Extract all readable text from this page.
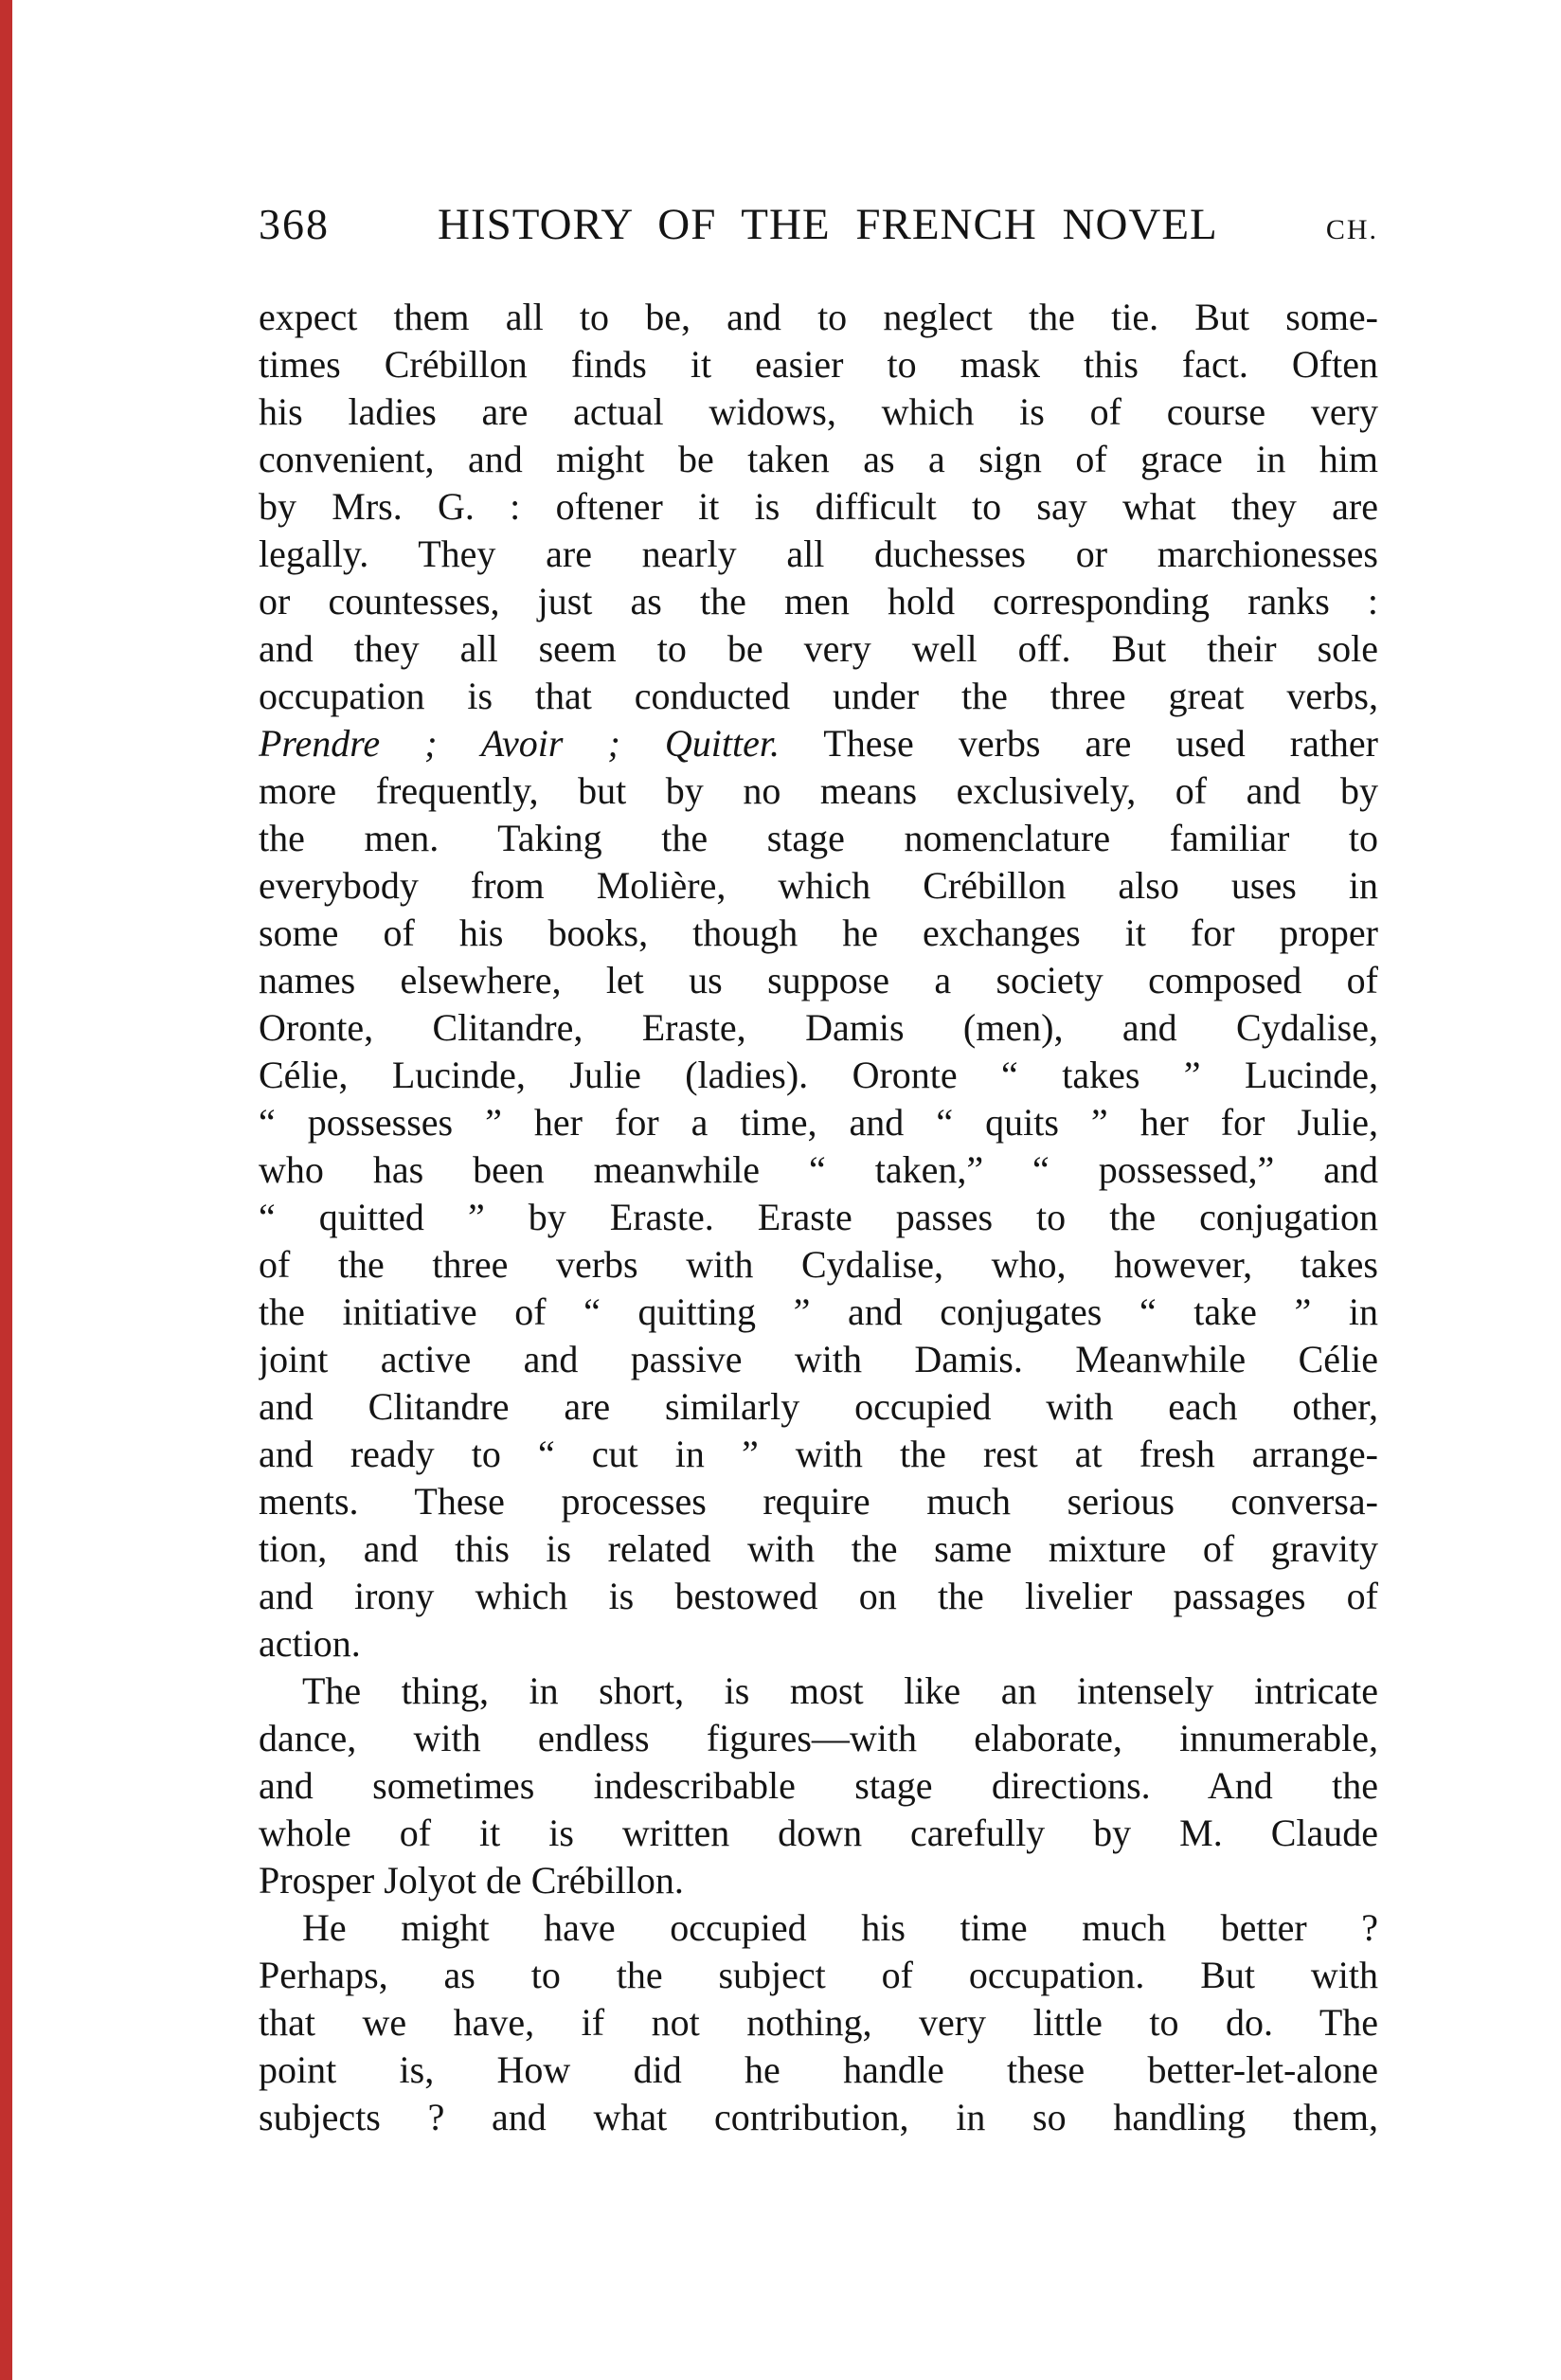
368	HISTORY OF THE FRENCH NOVEL	CH.
expect them all to be, and to neglect the tie. But some-
times Crébillon finds it easier to mask this fact. Often
his ladies are actual widows, which is of course very
convenient, and might be taken as a sign of grace in him
by Mrs. G. : oftener it is difficult to say what they are
legally. They are nearly all duchesses or marchionesses
or countesses, just as the men hold corresponding ranks :
and they all seem to be very well off. But their sole
occupation is that conducted under the three great verbs,
Prendre ; Avoir ; Quitter. These verbs are used rather
more frequently, but by no means exclusively, of and by
the men. Taking the stage nomenclature familiar to
everybody from Molière, which Crébillon also uses in
some of his books, though he exchanges it for proper
names elsewhere, let us suppose a society composed of
Oronte, Clitandre, Eraste, Damis (men), and Cydalise,
Célie, Lucinde, Julie (ladies). Oronte “ takes ” Lucinde,
“ possesses ” her for a time, and “ quits ” her for Julie,
who has been meanwhile “ taken,” “ possessed,” and
“ quitted ” by Eraste. Eraste passes to the conjugation
of the three verbs with Cydalise, who, however, takes
the initiative of “ quitting ” and conjugates “ take ” in
joint active and passive with Damis. Meanwhile Célie
and Clitandre are similarly occupied with each other,
and ready to “ cut in ” with the rest at fresh arrange-
ments. These processes require much serious conversa-
tion, and this is related with the same mixture of gravity
and irony which is bestowed on the livelier passages of
action.
The thing, in short, is most like an intensely intricate
dance, with endless figures—with elaborate, innumerable,
and sometimes indescribable stage directions. And the
whole of it is written down carefully by M. Claude
Prosper Jolyot de Crébillon.
He might have occupied his time much better ?
Perhaps, as to the subject of occupation. But with
that we have, if not nothing, very little to do. The
point is, How did he handle these better-let-alone
subjects ? and what contribution, in so handling them,
